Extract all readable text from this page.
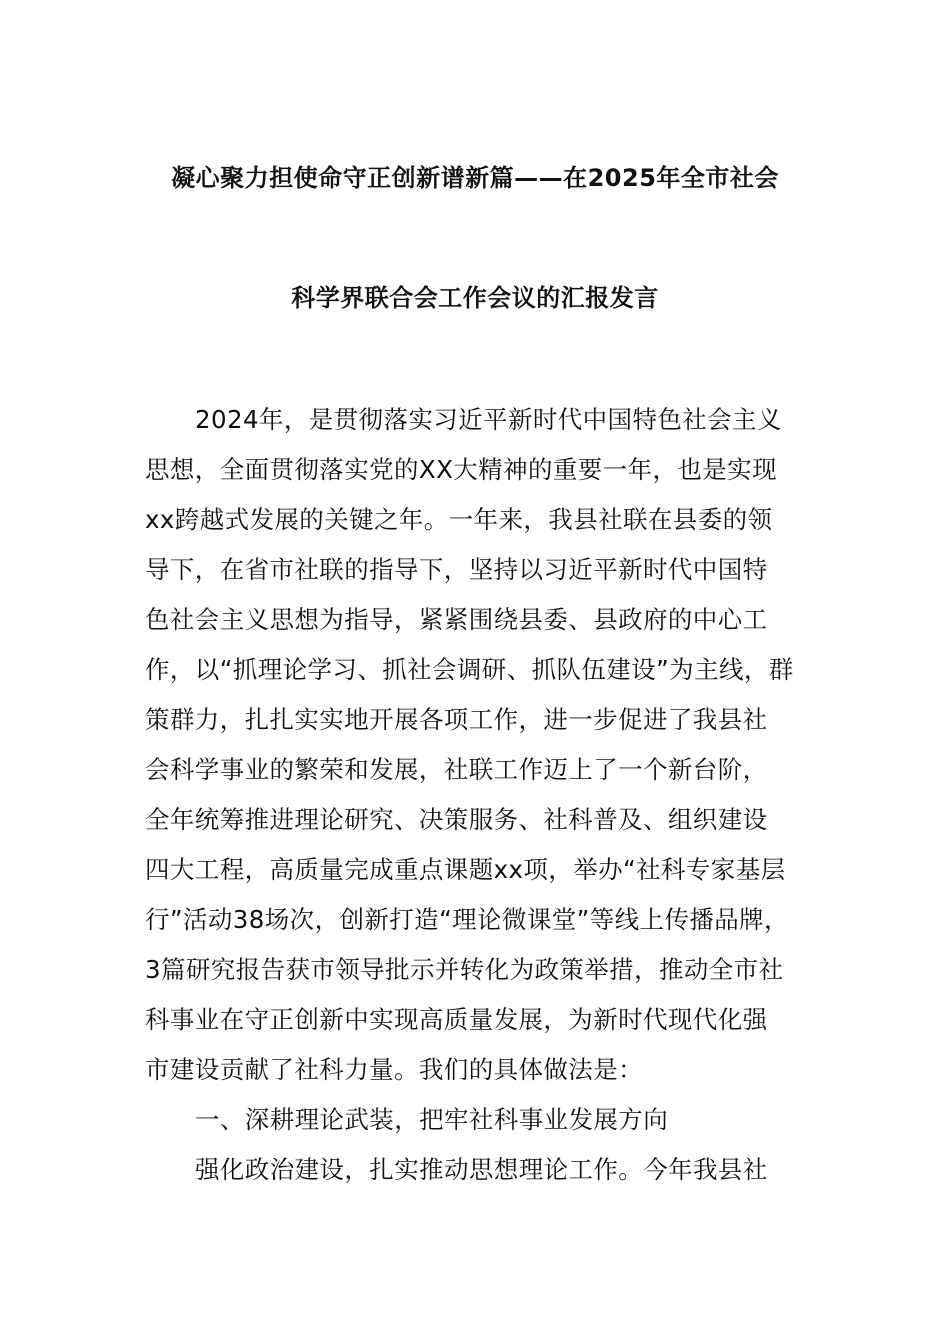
凝心聚力担使命守正创新谱新篇——在2025年全市社会
科学界联合会工作会议的汇报发言
2024年，是贯彻落实习近平新时代中国特色社会主义
思想，全面贯彻落实党的XX大精神的重要一年，也是实现
xx跨越式发展的关键之年。一年来，我县社联在县委的领
导下，在省市社联的指导下，坚持以习近平新时代中国特
色社会主义思想为指导，紧紧围绕县委、县政府的中心工
作，以“抓理论学习、抓社会调研、抓队伍建设”为主线，群
策群力，扎扎实实地开展各项工作，进一步促进了我县社
会科学事业的繁荣和发展，社联工作迈上了一个新台阶，
全年统筹推进理论研究、决策服务、社科普及、组织建设
四大工程，高质量完成重点课题xx项，举办“社科专家基层
行”活动38场次，创新打造“理论微课堂”等线上传播品牌，
3篇研究报告获市领导批示并转化为政策举措，推动全市社
科事业在守正创新中实现高质量发展，为新时代现代化强
市建设贡献了社科力量。我们的具体做法是：
一、深耕理论武装，把牢社科事业发展方向
强化政治建设，扎实推动思想理论工作。今年我县社
